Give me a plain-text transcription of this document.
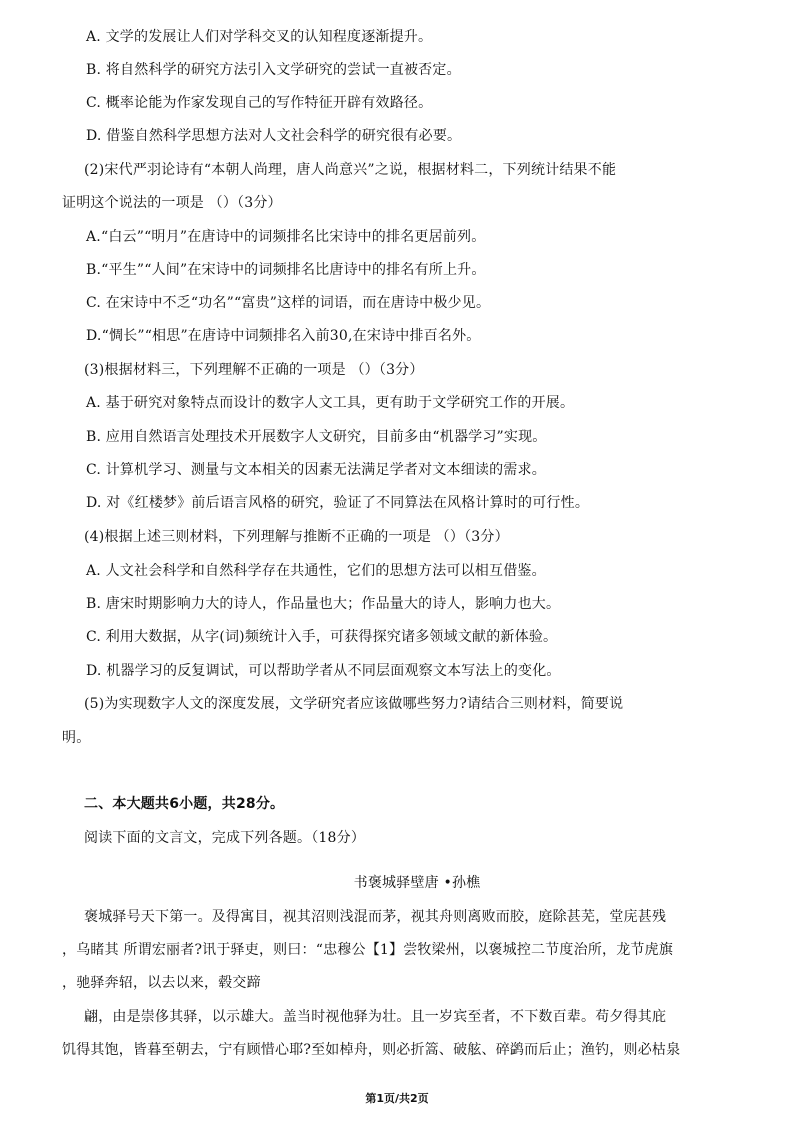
A. 文学的发展让人们对学科交叉的认知程度逐渐提升。
B. 将自然科学的研究方法引入文学研究的尝试一直被否定。
C. 概率论能为作家发现自己的写作特征开辟有效路径。
D. 借鉴自然科学思想方法对人文社会科学的研究很有必要。
(2)宋代严羽论诗有“本朝人尚理，唐人尚意兴”之说，根据材料二，下列统计结果不能
证明这个说法的一项是 （）（3分）
A.“白云”“明月”在唐诗中的词频排名比宋诗中的排名更居前列。
B.“平生”“人间”在宋诗中的词频排名比唐诗中的排名有所上升。
C. 在宋诗中不乏“功名”“富贵”这样的词语，而在唐诗中极少见。
D.“惆长”“相思”在唐诗中词频排名入前30,在宋诗中排百名外。
(3)根据材料三，下列理解不正确的一项是 （）（3分）
A. 基于研究对象特点而设计的数字人文工具，更有助于文学研究工作的开展。
B. 应用自然语言处理技术开展数字人文研究，目前多由“机器学习”实现。
C. 计算机学习、测量与文本相关的因素无法满足学者对文本细读的需求。
D. 对《红楼梦》前后语言风格的研究，验证了不同算法在风格计算时的可行性。
(4)根据上述三则材料，下列理解与推断不正确的一项是 （）（3分）
A. 人文社会科学和自然科学存在共通性，它们的思想方法可以相互借鉴。
B. 唐宋时期影响力大的诗人，作品量也大；作品量大的诗人，影响力也大。
C. 利用大数据，从字(词)频统计入手，可获得探究诸多领域文献的新体验。
D. 机器学习的反复调试，可以帮助学者从不同层面观察文本写法上的变化。
(5)为实现数字人文的深度发展，文学研究者应该做哪些努力?请结合三则材料，简要说
明。
二、本大题共6小题，共28分。
阅读下面的文言文，完成下列各题。（18分）
书褒城驿壁唐 •孙樵
褒城驿号天下第一。及得寓目，视其沼则浅混而茅，视其舟则离败而胶，庭除甚芜，堂庑甚残
，乌睹其 所谓宏丽者?讯于驿吏，则曰：“忠穆公【1】尝牧梁州，以褒城控二节度治所，龙节虎旗
，驰驿奔轺，以去以来，毂交蹄
翩，由是崇侈其驿，以示雄大。盖当时视他驿为壮。且一岁宾至者，不下数百辈。苟夕得其庇
饥得其饱，皆暮至朝去，宁有顾惜心耶?至如棹舟，则必折篙、破舷、碎鹢而后止；渔钓，则必枯泉
第1页/共2页
